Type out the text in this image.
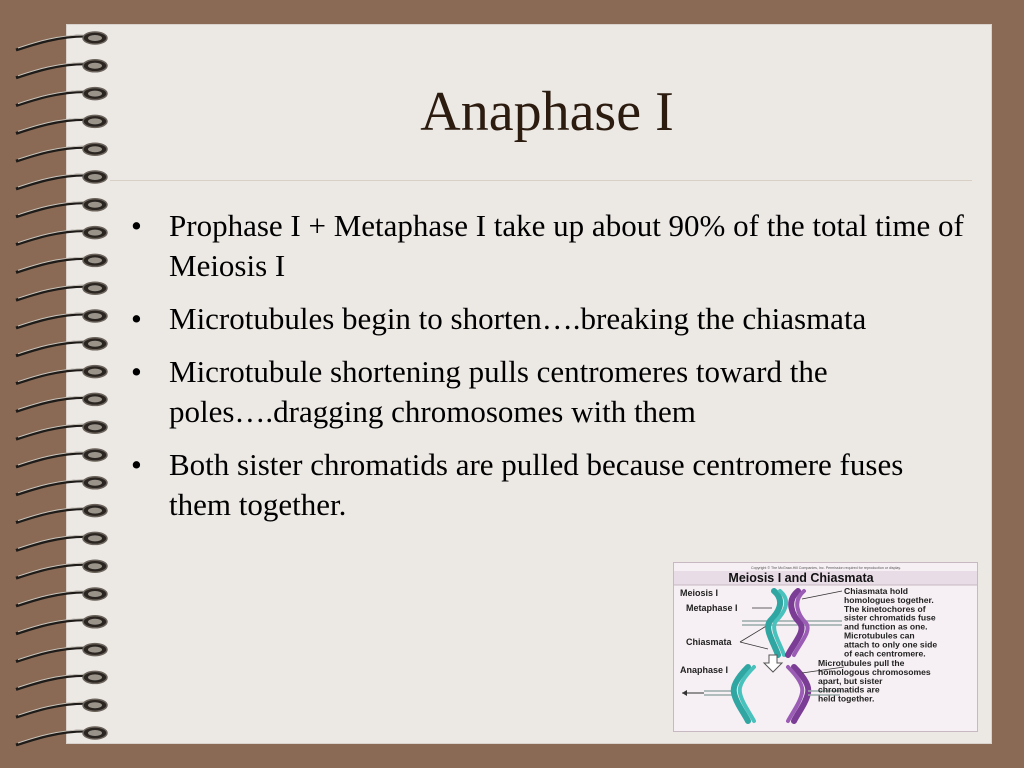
Anaphase I
• Prophase I + Metaphase I take up about 90% of the total time of Meiosis I
• Microtubules begin to shorten….breaking the chiasmata
• Microtubule shortening pulls centromeres toward the poles….dragging chromosomes with them
• Both sister chromatids are pulled because centromere fuses them together.
Copyright © The McGraw-Hill Companies, Inc. Permission required for reproduction or display.
Meiosis I and Chiasmata
Meiosis I
Metaphase I
Chiasmata
Anaphase I
Chiasmata hold
homologues together.
The kinetochores of
sister chromatids fuse
and function as one.
Microtubules can
attach to only one side
of each centromere.
Microtubules pull the
homologous chromosomes
apart, but sister
chromatids are
held together.
